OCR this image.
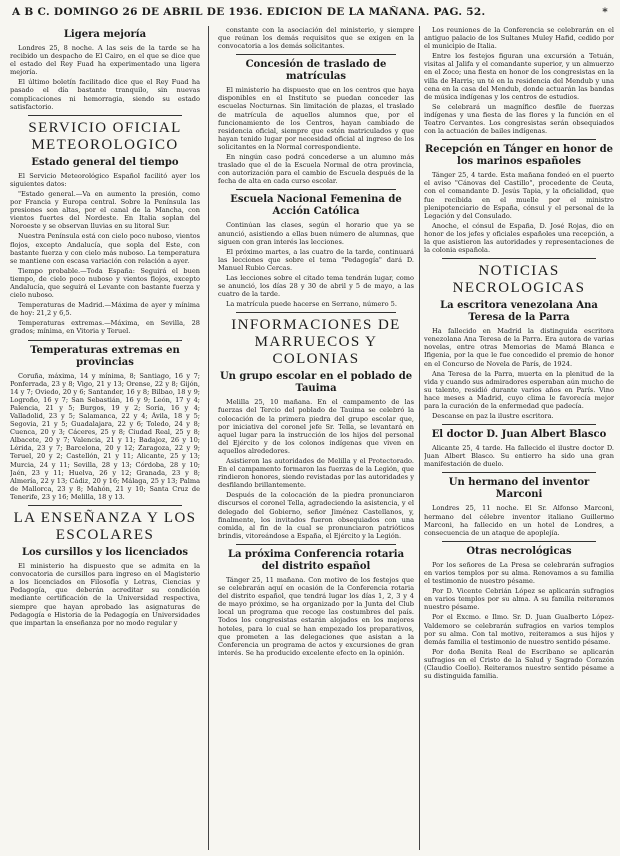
A B C. DOMINGO 26 DE ABRIL DE 1936. EDICION DE LA MAÑANA. PAG. 52.	*
Ligera mejoría

Londres 25, 8 noche. A las seis de la tarde se ha recibido un despacho de El Cairo, en el que se dice que el estado del Rey Fuad ha experimentado una ligera mejoría.

El último boletín facilitado dice que el Rey Fuad ha pasado el día bastante tranquilo, sin nuevas complicaciones ni hemorragia, siendo su estado satisfactorio.

SERVICIO OFICIAL METEOROLOGICO
Estado general del tiempo

El Servicio Meteorológico Español facilitó ayer los siguientes datos:

"Estado general.—Va en aumento la presión, como por Francia y Europa central. Sobre la Península las presiones son altas, por el canal de la Mancha, con vientos fuertes del Nordeste. En Italia soplan del Noroeste y se observan lluvias en su litoral Sur.

Nuestra Península está con cielo poco nuboso, vientos flojos, excepto Andalucía, que sopla del Este, con bastante fuerza y con cielo más nuboso. La temperatura se mantiene con escasa variación con relación a ayer.

Tiempo probable.—Toda España: Seguirá el buen tiempo, de cielo poco nuboso y vientos flojos, excepto Andalucía, que seguirá el Levante con bastante fuerza y cielo nuboso.

Temperaturas de Madrid.—Máxima de ayer y mínima de hoy: 21,2 y 6,5.

Temperaturas extremas.—Máxima, en Sevilla, 28 grados; mínima, en Vitoria y Teruel.

Temperaturas extremas en provincias

Coruña, máxima, 14 y mínima, 8; Santiago, 16 y 7; Ponferrada, 23 y 8; Vigo, 21 y 13; Orense, 22 y 8; Gijón, 14 y 7; Oviedo, 20 y 6; Santander, 16 y 8; Bilbao, 18 y 9; Logroño, 16 y 7; San Sebastián, 16 y 9; León, 17 y 4; Palencia, 21 y 5; Burgos, 19 y 2; Soria, 16 y 4; Valladolid, 23 y 5; Salamanca, 22 y 4; Ávila, 18 y 5; Segovia, 21 y 5; Guadalajara, 22 y 6; Toledo, 24 y 8; Cuenca, 20 y 3; Cáceres, 25 y 8; Ciudad Real, 25 y 8; Albacete, 20 y 7; Valencia, 21 y 11; Badajoz, 26 y 10; Lérida, 23 y 7; Barcelona, 20 y 12; Zaragoza, 22 y 9; Teruel, 20 y 2; Castellón, 21 y 11; Alicante, 25 y 13; Murcia, 24 y 11; Sevilla, 28 y 13; Córdoba, 28 y 10; Jaén, 23 y 11; Huelva, 26 y 12; Granada, 23 y 8; Almería, 22 y 13; Cádiz, 20 y 16; Málaga, 25 y 13; Palma de Mallorca, 23 y 8; Mahón, 21 y 10; Santa Cruz de Tenerife, 23 y 16; Melilla, 18 y 13.

LA ENSEÑANZA Y LOS ESCOLARES
Los cursillos y los licenciados

El ministerio ha dispuesto que se admita en la convocatoria de cursillos para ingreso en el Magisterio a los licenciados en Filosofía y Letras, Ciencias y Pedagogía, que deberán acreditar su condición mediante certificación de la Universidad respectiva, siempre que hayan aprobado las asignaturas de Pedagogía e Historia de la Pedagogía en Universidades que impartan la enseñanza por no modo regular y

constante con la asociación del ministerio, y siempre que reúnan los demás requisitos que se exigen en la convocatoria a los demás solicitantes.

Concesión de traslado de matrículas

El ministerio ha dispuesto que en los centros que haya disponibles en el Instituto se puedan conceder las escuelas Nocturnas. Sin limitación de plazas, el traslado de matrícula de aquellos alumnos que, por el funcionamiento de los Centros, hayan cambiado de residencia oficial, siempre que estén matriculados y que hayan tenido lugar por necesidad oficial al ingreso de los solicitantes en la Normal correspondiente.

En ningún caso podrá concederse a un alumno más traslado que el de la Escuela Normal de otra provincia, con autorización para el cambio de Escuela después de la fecha de alta en cada curso escolar.

Escuela Nacional Femenina de Acción Católica

Continúan las clases, según el horario que ya se anunció, asistiendo a ellas buen número de alumnas, que siguen con gran interés las lecciones.

El próximo martes, a las cuatro de la tarde, continuará las lecciones que sobre el tema "Pedagogía" dará D. Manuel Rubio Cercas.

Las lecciones sobre el citado tema tendrán lugar, como se anunció, los días 28 y 30 de abril y 5 de mayo, a las cuatro de la tarde.

La matrícula puede hacerse en Serrano, número 5.

INFORMACIONES DE MARRUECOS Y COLONIAS
Un grupo escolar en el poblado de Tauima

Melilla 25, 10 mañana. En el campamento de las fuerzas del Tercio del poblado de Tauima se celebró la colocación de la primera piedra del grupo escolar que, por iniciativa del coronel jefe Sr. Tella, se levantará en aquel lugar para la instrucción de los hijos del personal del Ejército y de los colonos indígenas que viven en aquellos alrededores.

Asistieron las autoridades de Melilla y el Protectorado. En el campamento formaron las fuerzas de la Legión, que rindieron honores, siendo revistadas por las autoridades y desfilando brillantemente.

Después de la colocación de la piedra pronunciaron discursos el coronel Tella, agradeciendo la asistencia, y el delegado del Gobierno, señor Jiménez Castellanos, y, finalmente, los invitados fueron obsequiados con una comida, al fin de la cual se pronunciaron patrióticos brindis, vitoreándose a España, el Ejército y la Legión.

La próxima Conferencia rotaria del distrito español

Tánger 25, 11 mañana. Con motivo de los festejos que se celebrarán aquí en ocasión de la Conferencia rotaria del distrito español, que tendrá lugar los días 1, 2, 3 y 4 de mayo próximo, se ha organizado por la Junta del Club local un programa que recoge las costumbres del país. Todos los congresistas estarán alojados en los mejores hoteles, para lo cual se han empezado los preparativos, que prometen a las delegaciones que asistan a la Conferencia un programa de actos y excursiones de gran interés. Se ha producido excelente efecto en la opinión.

Los reuniones de la Conferencia se celebrarán en el antiguo palacio de los Sultanes Muley Hafid, cedido por el municipio de Italia.

Entre los festejos figuran una excursión a Tetuán, visitas al Jalifa y el comandante superior, y un almuerzo en el Zoco; una fiesta en honor de los congresistas en la villa de Harris; un té en la residencia del Mendub y una cena en la casa del Mendub, donde actuarán las bandas de música indígenas y los centros de estudios.

Se celebrará un magnífico desfile de fuerzas indígenas y una fiesta de las flores y la función en el Teatro Cervantes. Los congresistas serán obsequiados con la actuación de bailes indígenas.

Recepción en Tánger en honor de los marinos españoles

Tánger 25, 4 tarde. Esta mañana fondeó en el puerto el aviso "Cánovas del Castillo", procedente de Ceuta, con el comandante D. Jesús Tapia, y la oficialidad, que fue recibida en el muelle por el ministro plenipotenciario de España, cónsul y el personal de la Legación y del Consulado.

Anoche, el cónsul de España, D. José Rojas, dio en honor de los jefes y oficiales españoles una recepción, a la que asistieron las autoridades y representaciones de la colonia española.

NOTICIAS NECROLOGICAS
La escritora venezolana Ana Teresa de la Parra

Ha fallecido en Madrid la distinguida escritora venezolana Ana Teresa de la Parra. Era autora de varias novelas, entre otras Memorias de Mamá Blanca e Ifigenia, por la que le fue concedido el premio de honor en el Concurso de Novela de París, de 1924.

Ana Teresa de la Parra, muerta en la plenitud de la vida y cuando sus admiradores esperaban aún mucho de su talento, residió durante varios años en París. Vino hace meses a Madrid, cuyo clima le favorecía mejor para la curación de la enfermedad que padecía.

Descanse en paz la ilustre escritora.

El doctor D. Juan Albert Blasco

Alicante 25, 4 tarde. Ha fallecido el ilustre doctor D. Juan Albert Blasco. Su entierro ha sido una gran manifestación de duelo.

Un hermano del inventor Marconi

Londres 25, 11 noche. El Sr. Alfonso Marconi, hermano del célebre inventor italiano Guillermo Marconi, ha fallecido en un hotel de Londres, a consecuencia de un ataque de apoplejía.

Otras necrológicas

Por los señores de La Presa se celebrarán sufragios en varios templos por su alma. Renovamos a su familia el testimonio de nuestro pésame.

Por D. Vicente Cebrián López se aplicarán sufragios en varios templos por su alma. A su familia reiteramos nuestro pésame.

Por el Excmo. e Ilmo. Sr. D. Juan Gualberto López-Valdemoro se celebrarán sufragios en varios templos por su alma. Con tal motivo, reiteramos a sus hijos y demás familia el testimonio de nuestro sentido pésame.

Por doña Benita Real de Escribano se aplicarán sufragios en el Cristo de la Salud y Sagrado Corazón (Claudio Coello). Reiteramos nuestro sentido pésame a su distinguida familia.
